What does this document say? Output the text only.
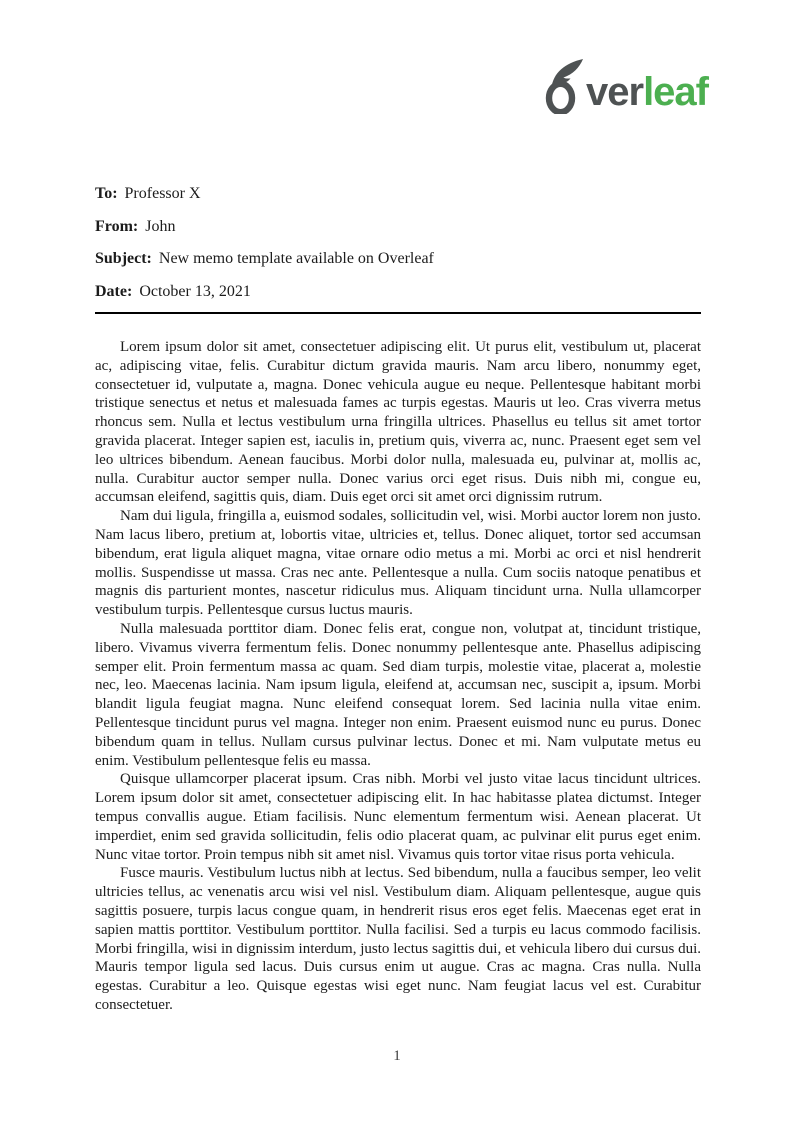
verleaf
To: Professor X
From: John
Subject: New memo template available on Overleaf
Date: October 13, 2021

Lorem ipsum dolor sit amet, consectetuer adipiscing elit. Ut purus elit, vestibulum ut, placerat ac, adipiscing vitae, felis. Curabitur dictum gravida mauris. Nam arcu libero, nonummy eget, consectetuer id, vulputate a, magna. Donec vehicula augue eu neque. Pellentesque habitant morbi tristique senectus et netus et malesuada fames ac turpis egestas. Mauris ut leo. Cras viverra metus rhoncus sem. Nulla et lectus vestibulum urna fringilla ultrices. Phasellus eu tellus sit amet tortor gravida placerat. Integer sapien est, iaculis in, pretium quis, viverra ac, nunc. Praesent eget sem vel leo ultrices bibendum. Aenean faucibus. Morbi dolor nulla, malesuada eu, pulvinar at, mollis ac, nulla. Curabitur auctor semper nulla. Donec varius orci eget risus. Duis nibh mi, congue eu, accumsan eleifend, sagittis quis, diam. Duis eget orci sit amet orci dignissim rutrum.

Nam dui ligula, fringilla a, euismod sodales, sollicitudin vel, wisi. Morbi auctor lorem non justo. Nam lacus libero, pretium at, lobortis vitae, ultricies et, tellus. Donec aliquet, tortor sed accumsan bibendum, erat ligula aliquet magna, vitae ornare odio metus a mi. Morbi ac orci et nisl hendrerit mollis. Suspendisse ut massa. Cras nec ante. Pellentesque a nulla. Cum sociis natoque penatibus et magnis dis parturient montes, nascetur ridiculus mus. Aliquam tincidunt urna. Nulla ullamcorper vestibulum turpis. Pellentesque cursus luctus mauris.

Nulla malesuada porttitor diam. Donec felis erat, congue non, volutpat at, tincidunt tristique, libero. Vivamus viverra fermentum felis. Donec nonummy pellentesque ante. Phasellus adipiscing semper elit. Proin fermentum massa ac quam. Sed diam turpis, molestie vitae, placerat a, molestie nec, leo. Maecenas lacinia. Nam ipsum ligula, eleifend at, accumsan nec, suscipit a, ipsum. Morbi blandit ligula feugiat magna. Nunc eleifend consequat lorem. Sed lacinia nulla vitae enim. Pellentesque tincidunt purus vel magna. Integer non enim. Praesent euismod nunc eu purus. Donec bibendum quam in tellus. Nullam cursus pulvinar lectus. Donec et mi. Nam vulputate metus eu enim. Vestibulum pellentesque felis eu massa.

Quisque ullamcorper placerat ipsum. Cras nibh. Morbi vel justo vitae lacus tincidunt ultrices. Lorem ipsum dolor sit amet, consectetuer adipiscing elit. In hac habitasse platea dictumst. Integer tempus convallis augue. Etiam facilisis. Nunc elementum fermentum wisi. Aenean placerat. Ut imperdiet, enim sed gravida sollicitudin, felis odio placerat quam, ac pulvinar elit purus eget enim. Nunc vitae tortor. Proin tempus nibh sit amet nisl. Vivamus quis tortor vitae risus porta vehicula.

Fusce mauris. Vestibulum luctus nibh at lectus. Sed bibendum, nulla a faucibus semper, leo velit ultricies tellus, ac venenatis arcu wisi vel nisl. Vestibulum diam. Aliquam pellentesque, augue quis sagittis posuere, turpis lacus congue quam, in hendrerit risus eros eget felis. Maecenas eget erat in sapien mattis porttitor. Vestibulum porttitor. Nulla facilisi. Sed a turpis eu lacus commodo facilisis. Morbi fringilla, wisi in dignissim interdum, justo lectus sagittis dui, et vehicula libero dui cursus dui. Mauris tempor ligula sed lacus. Duis cursus enim ut augue. Cras ac magna. Cras nulla. Nulla egestas. Curabitur a leo. Quisque egestas wisi eget nunc. Nam feugiat lacus vel est. Curabitur consectetuer.

1
